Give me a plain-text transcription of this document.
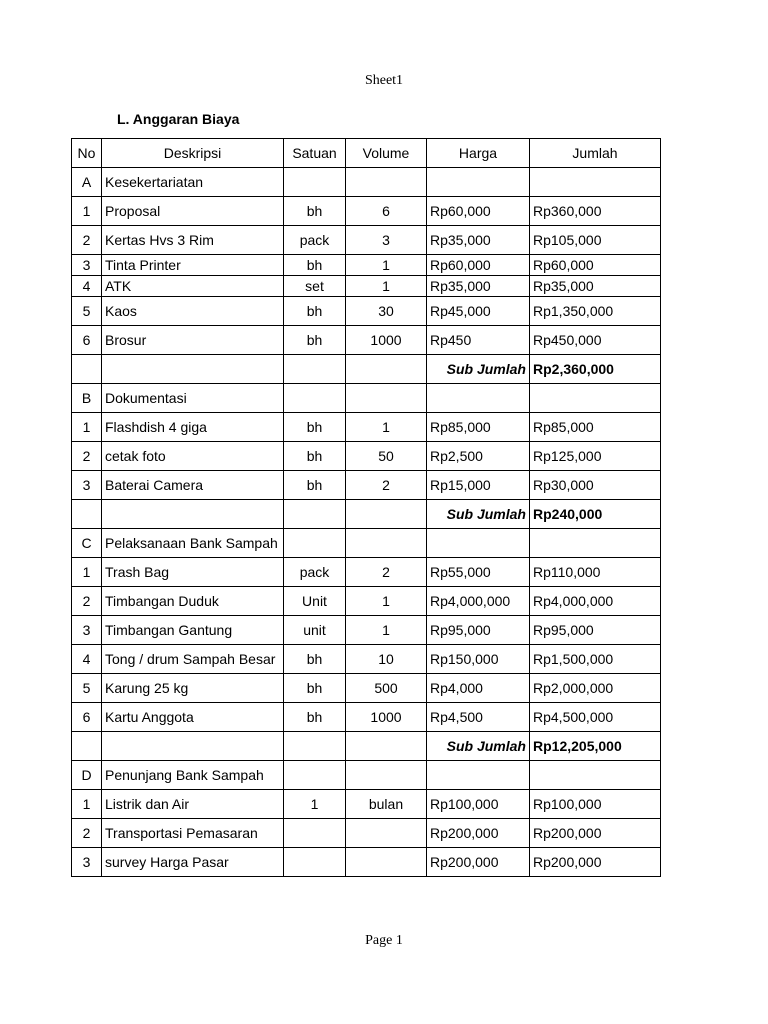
Sheet1
L. Anggaran Biaya
No	Deskripsi	Satuan	Volume	Harga	Jumlah
A	Kesekertariatan				
1	Proposal	bh	6	Rp60,000	Rp360,000
2	Kertas Hvs 3 Rim	pack	3	Rp35,000	Rp105,000
3	Tinta Printer	bh	1	Rp60,000	Rp60,000
4	ATK	set	1	Rp35,000	Rp35,000
5	Kaos	bh	30	Rp45,000	Rp1,350,000
6	Brosur	bh	1000	Rp450	Rp450,000
				Sub Jumlah	Rp2,360,000
B	Dokumentasi				
1	Flashdish 4 giga	bh	1	Rp85,000	Rp85,000
2	cetak foto	bh	50	Rp2,500	Rp125,000
3	Baterai Camera	bh	2	Rp15,000	Rp30,000
				Sub Jumlah	Rp240,000
C	Pelaksanaan Bank Sampah				
1	Trash Bag	pack	2	Rp55,000	Rp110,000
2	Timbangan Duduk	Unit	1	Rp4,000,000	Rp4,000,000
3	Timbangan Gantung	unit	1	Rp95,000	Rp95,000
4	Tong / drum Sampah Besar	bh	10	Rp150,000	Rp1,500,000
5	Karung 25 kg	bh	500	Rp4,000	Rp2,000,000
6	Kartu Anggota	bh	1000	Rp4,500	Rp4,500,000
				Sub Jumlah	Rp12,205,000
D	Penunjang Bank Sampah				
1	Listrik dan Air	1	bulan	Rp100,000	Rp100,000
2	Transportasi Pemasaran			Rp200,000	Rp200,000
3	survey Harga Pasar			Rp200,000	Rp200,000
Page 1
